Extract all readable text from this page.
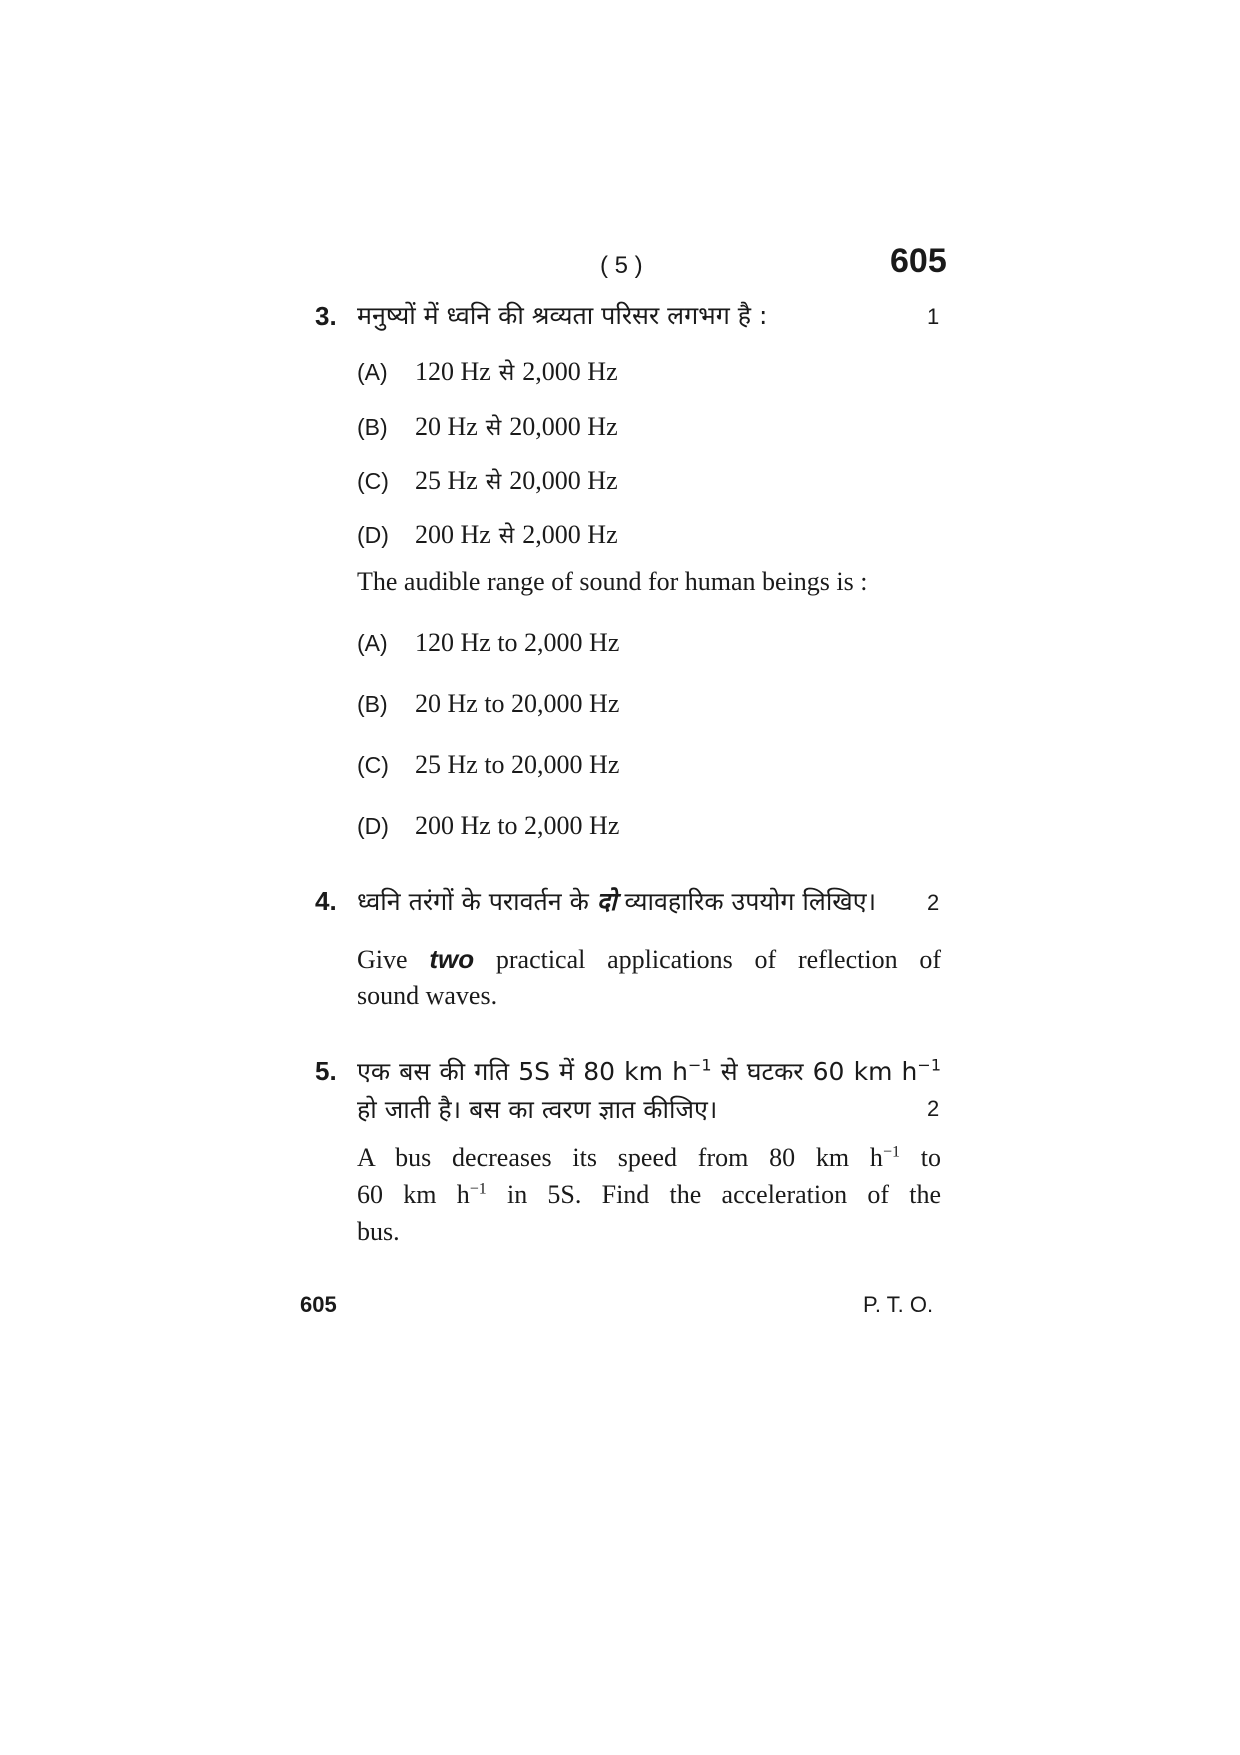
( 5 )	605
3. मनुष्यों में ध्वनि की श्रव्यता परिसर लगभग है :	1
(A) 120 Hz से 2,000 Hz
(B) 20 Hz से 20,000 Hz
(C) 25 Hz से 20,000 Hz
(D) 200 Hz से 2,000 Hz
The audible range of sound for human beings is :
(A) 120 Hz to 2,000 Hz
(B) 20 Hz to 20,000 Hz
(C) 25 Hz to 20,000 Hz
(D) 200 Hz to 2,000 Hz
4. ध्वनि तरंगों के परावर्तन के दो व्यावहारिक उपयोग लिखिए। 2
Give two practical applications of reflection of
sound waves.
5. एक बस की गति 5S में 80 km $h^{-1}$ से घटकर 60 km $h^{-1}$
हो जाती है। बस का त्वरण ज्ञात कीजिए।	2
A bus decreases its speed from 80 km $h^{-1}$ to
60 km $h^{-1}$ in 5S. Find the acceleration of the
bus.
605	P. T. O.
